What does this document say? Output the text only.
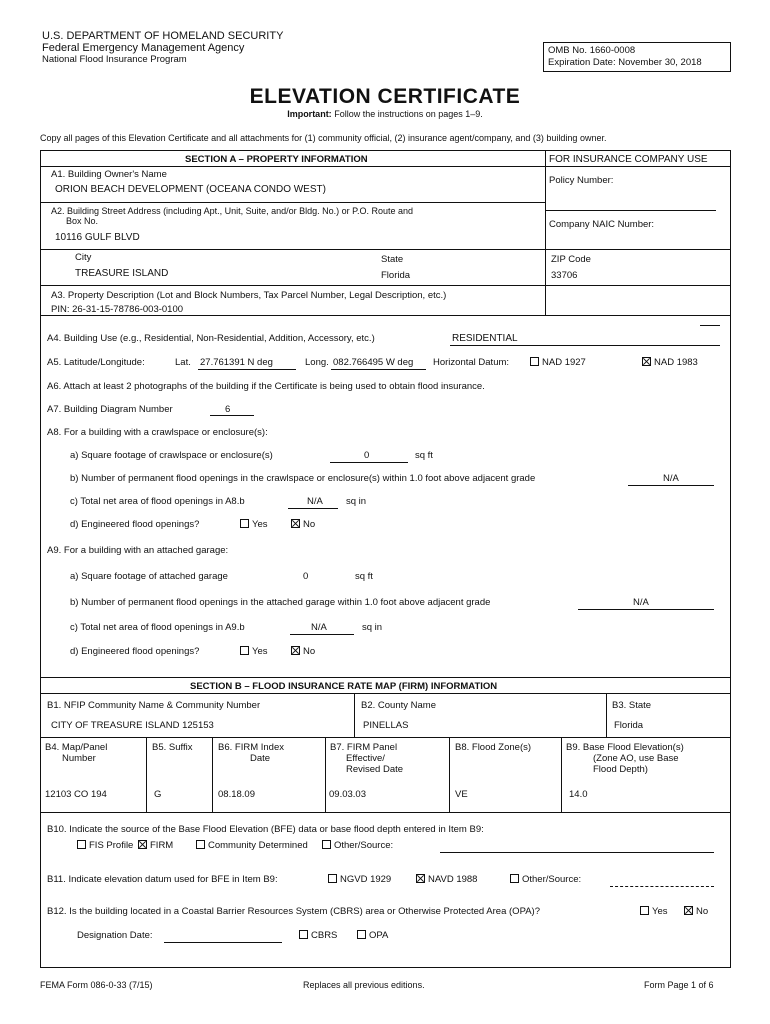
U.S. DEPARTMENT OF HOMELAND SECURITY
Federal Emergency Management Agency
National Flood Insurance Program
OMB No. 1660-0008
Expiration Date: November 30, 2018
ELEVATION CERTIFICATE
Important: Follow the instructions on pages 1–9.
Copy all pages of this Elevation Certificate and all attachments for (1) community official, (2) insurance agent/company, and (3) building owner.
SECTION A – PROPERTY INFORMATION	FOR INSURANCE COMPANY USE
A1. Building Owner's Name
ORION BEACH DEVELOPMENT (OCEANA CONDO WEST)
Policy Number:
A2. Building Street Address (including Apt., Unit, Suite, and/or Bldg. No.) or P.O. Route and
Box No.
10116 GULF BLVD
Company NAIC Number:
City
TREASURE ISLAND
State
Florida
ZIP Code
33706
A3. Property Description (Lot and Block Numbers, Tax Parcel Number, Legal Description, etc.)
PIN: 26-31-15-78786-003-0100
A4. Building Use (e.g., Residential, Non-Residential, Addition, Accessory, etc.)	RESIDENTIAL
A5. Latitude/Longitude:	Lat. 27.761391 N deg	Long. 082.766495 W deg Horizontal Datum:	NAD 1927	NAD 1983
A6. Attach at least 2 photographs of the building if the Certificate is being used to obtain flood insurance.
A7. Building Diagram Number	6
A8. For a building with a crawlspace or enclosure(s):
a) Square footage of crawlspace or enclosure(s)	0	sq ft
b) Number of permanent flood openings in the crawlspace or enclosure(s) within 1.0 foot above adjacent grade	N/A
c) Total net area of flood openings in A8.b	N/A sq in
d) Engineered flood openings?	Yes	No
A9. For a building with an attached garage:
a) Square footage of attached garage	0	sq ft
b) Number of permanent flood openings in the attached garage within 1.0 foot above adjacent grade	N/A
c) Total net area of flood openings in A9.b	N/A	sq in
d) Engineered flood openings?	Yes	No
SECTION B – FLOOD INSURANCE RATE MAP (FIRM) INFORMATION
B1. NFIP Community Name & Community Number
CITY OF TREASURE ISLAND 125153
B2. County Name
PINELLAS
B3. State
Florida
B4. Map/Panel
Number
12103 CO 194
B5. Suffix
G
B6. FIRM Index
Date
08.18.09
B7. FIRM Panel
Effective/
Revised Date
09.03.03
B8. Flood Zone(s)
VE
B9. Base Flood Elevation(s)
(Zone AO, use Base
Flood Depth)
14.0
B10. Indicate the source of the Base Flood Elevation (BFE) data or base flood depth entered in Item B9:
FIS Profile	FIRM	Community Determined	Other/Source:
B11. Indicate elevation datum used for BFE in Item B9:	NGVD 1929	NAVD 1988	Other/Source:
B12. Is the building located in a Coastal Barrier Resources System (CBRS) area or Otherwise Protected Area (OPA)?	Yes	No
Designation Date:	CBRS	OPA
FEMA Form 086-0-33 (7/15)	Replaces all previous editions.	Form Page 1 of 6
